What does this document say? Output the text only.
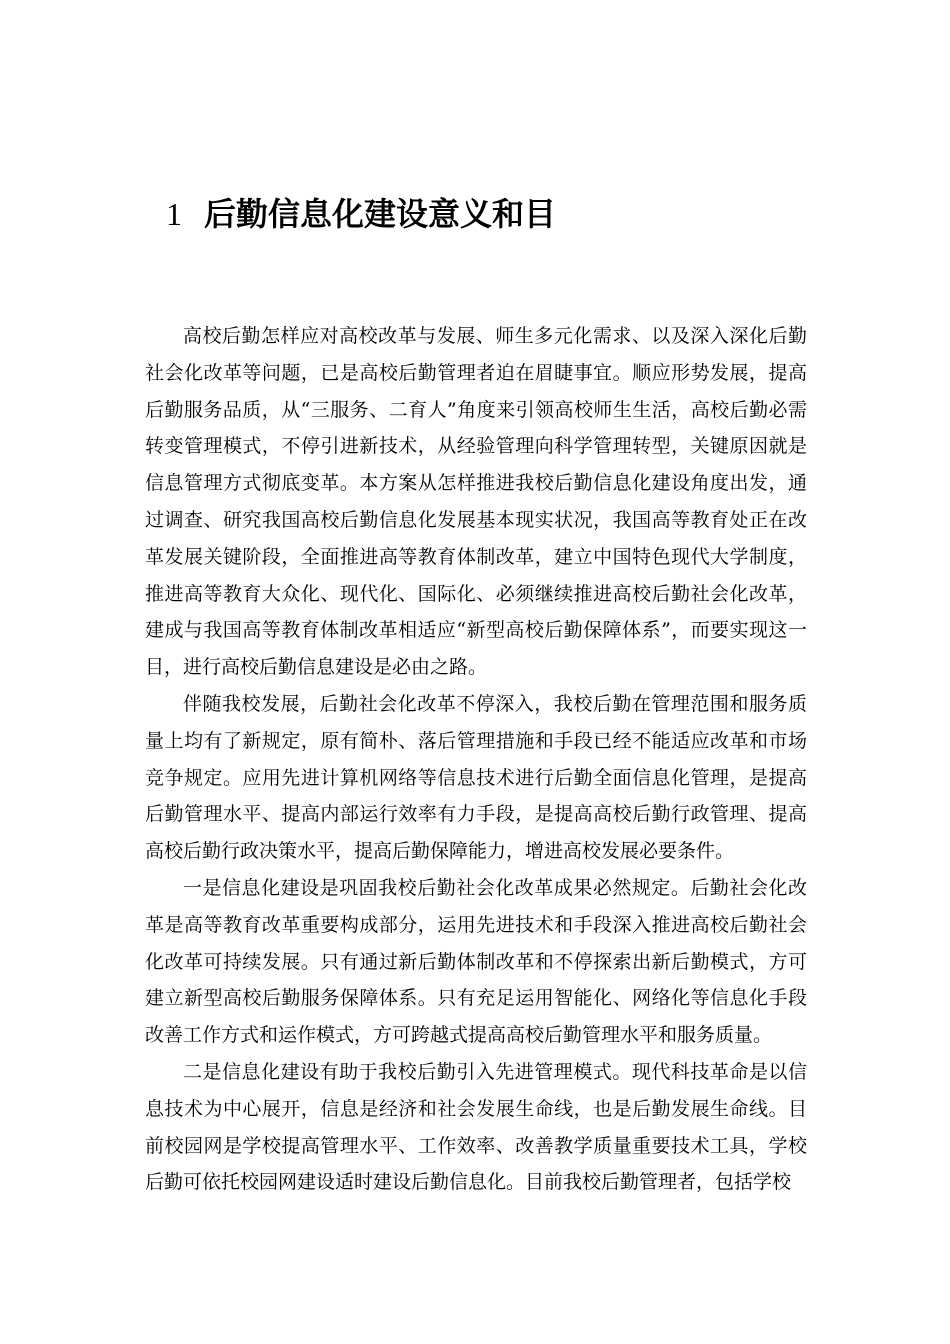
1 后勤信息化建设意义和目

高校后勤怎样应对高校改革与发展、师生多元化需求、以及深入深化后勤社会化改革等问题，已是高校后勤管理者迫在眉睫事宜。顺应形势发展，提高后勤服务品质，从“三服务、二育人”角度来引领高校师生生活，高校后勤必需转变管理模式，不停引进新技术，从经验管理向科学管理转型，关键原因就是信息管理方式彻底变革。本方案从怎样推进我校后勤信息化建设角度出发，通过调查、研究我国高校后勤信息化发展基本现实状况，我国高等教育处正在改革发展关键阶段，全面推进高等教育体制改革，建立中国特色现代大学制度，推进高等教育大众化、现代化、国际化、必须继续推进高校后勤社会化改革，建成与我国高等教育体制改革相适应“新型高校后勤保障体系”，而要实现这一目，进行高校后勤信息建设是必由之路。

伴随我校发展，后勤社会化改革不停深入，我校后勤在管理范围和服务质量上均有了新规定，原有简朴、落后管理措施和手段已经不能适应改革和市场竞争规定。应用先进计算机网络等信息技术进行后勤全面信息化管理，是提高后勤管理水平、提高内部运行效率有力手段，是提高高校后勤行政管理、提高高校后勤行政决策水平，提高后勤保障能力，增进高校发展必要条件。

一是信息化建设是巩固我校后勤社会化改革成果必然规定。后勤社会化改革是高等教育改革重要构成部分，运用先进技术和手段深入推进高校后勤社会化改革可持续发展。只有通过新后勤体制改革和不停探索出新后勤模式，方可建立新型高校后勤服务保障体系。只有充足运用智能化、网络化等信息化手段改善工作方式和运作模式，方可跨越式提高高校后勤管理水平和服务质量。

二是信息化建设有助于我校后勤引入先进管理模式。现代科技革命是以信息技术为中心展开，信息是经济和社会发展生命线，也是后勤发展生命线。目前校园网是学校提高管理水平、工作效率、改善教学质量重要技术工具，学校后勤可依托校园网建设适时建设后勤信息化。目前我校后勤管理者，包括学校
